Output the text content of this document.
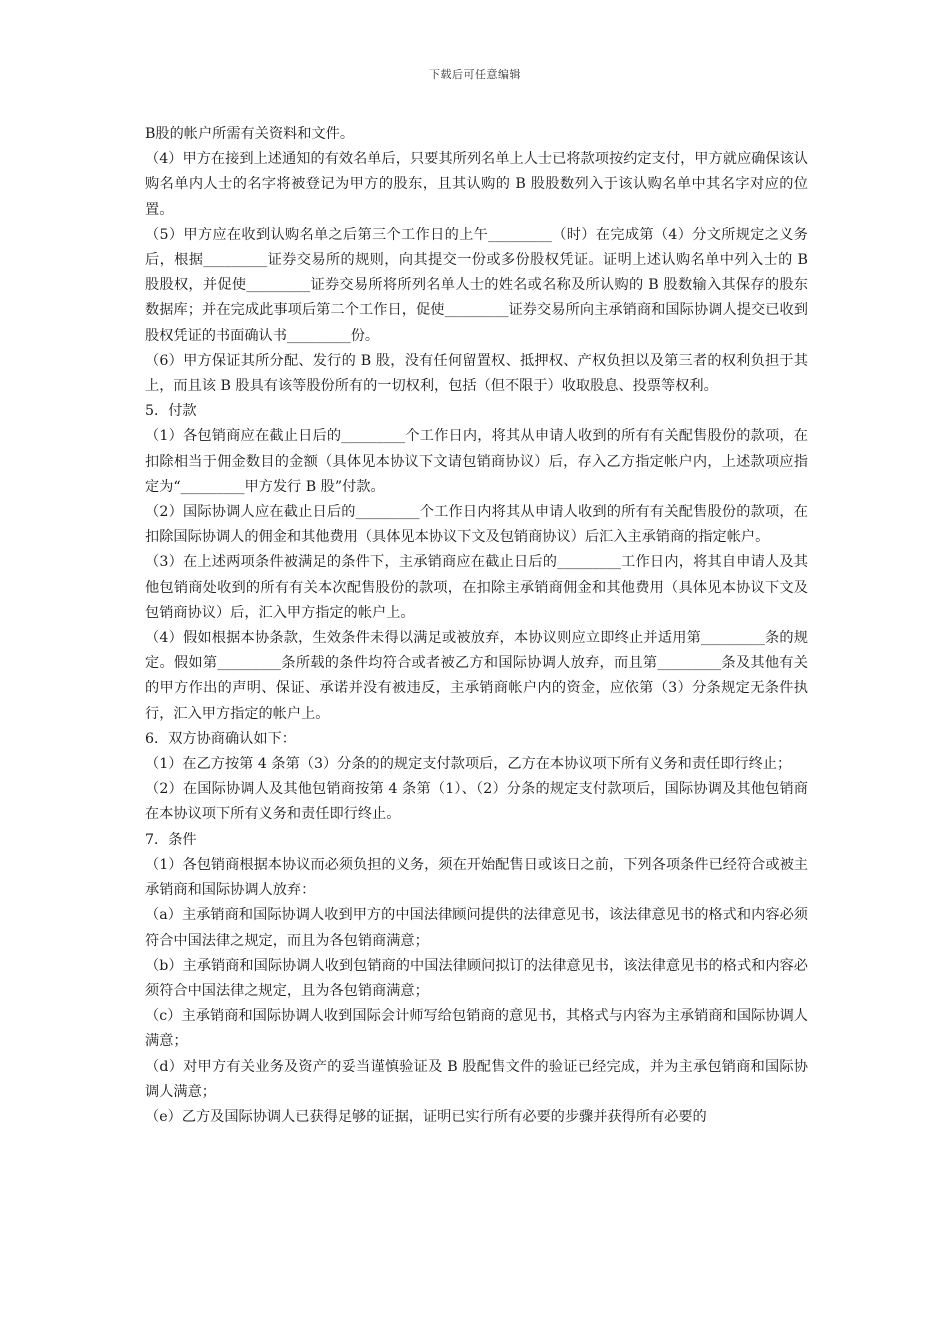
下载后可任意编辑

B股的帐户所需有关资料和文件。

（4）甲方在接到上述通知的有效名单后，只要其所列名单上人士已将款项按约定支付，甲方就应确保该认购名单内人士的名字将被登记为甲方的股东，且其认购的 B 股股数列入于该认购名单中其名字对应的位置。

（5）甲方应在收到认购名单之后第三个工作日的上午_________（时）在完成第（4）分文所规定之义务后，根据_________证券交易所的规则，向其提交一份或多份股权凭证。证明上述认购名单中列入士的 B 股股权，并促使_________证券交易所将所列名单人士的姓名或名称及所认购的 B 股数输入其保存的股东数据库；并在完成此事项后第二个工作日，促使_________证券交易所向主承销商和国际协调人提交已收到股权凭证的书面确认书_________份。

（6）甲方保证其所分配、发行的 B 股，没有任何留置权、抵押权、产权负担以及第三者的权利负担于其上，而且该 B 股具有该等股份所有的一切权利，包括（但不限于）收取股息、投票等权利。

5．付款

（1）各包销商应在截止日后的_________个工作日内，将其从申请人收到的所有有关配售股份的款项，在扣除相当于佣金数目的金额（具体见本协议下文请包销商协议）后，存入乙方指定帐户内，上述款项应指定为“_________甲方发行 B 股”付款。

（2）国际协调人应在截止日后的_________个工作日内将其从申请人收到的所有有关配售股份的款项，在扣除国际协调人的佣金和其他费用（具体见本协议下文及包销商协议）后汇入主承销商的指定帐户。

（3）在上述两项条件被满足的条件下，主承销商应在截止日后的_________工作日内，将其自申请人及其他包销商处收到的所有有关本次配售股份的款项，在扣除主承销商佣金和其他费用（具体见本协议下文及包销商协议）后，汇入甲方指定的帐户上。

（4）假如根据本协条款，生效条件未得以满足或被放弃，本协议则应立即终止并适用第_________条的规定。假如第_________条所载的条件均符合或者被乙方和国际协调人放弃，而且第_________条及其他有关的甲方作出的声明、保证、承诺并没有被违反，主承销商帐户内的资金，应依第（3）分条规定无条件执行，汇入甲方指定的帐户上。

6．双方协商确认如下：

（1）在乙方按第 4 条第（3）分条的的规定支付款项后，乙方在本协议项下所有义务和责任即行终止；

（2）在国际协调人及其他包销商按第 4 条第（1）、（2）分条的规定支付款项后，国际协调及其他包销商在本协议项下所有义务和责任即行终止。

7．条件

（1）各包销商根据本协议而必须负担的义务，须在开始配售日或该日之前，下列各项条件已经符合或被主承销商和国际协调人放弃：

（a）主承销商和国际协调人收到甲方的中国法律顾问提供的法律意见书，该法律意见书的格式和内容必须符合中国法律之规定，而且为各包销商满意；

（b）主承销商和国际协调人收到包销商的中国法律顾问拟订的法律意见书，该法律意见书的格式和内容必须符合中国法律之规定，且为各包销商满意；

（c）主承销商和国际协调人收到国际会计师写给包销商的意见书，其格式与内容为主承销商和国际协调人满意；

（d）对甲方有关业务及资产的妥当谨慎验证及 B 股配售文件的验证已经完成，并为主承包销商和国际协调人满意；

（e）乙方及国际协调人已获得足够的证据，证明已实行所有必要的步骤并获得所有必要的
